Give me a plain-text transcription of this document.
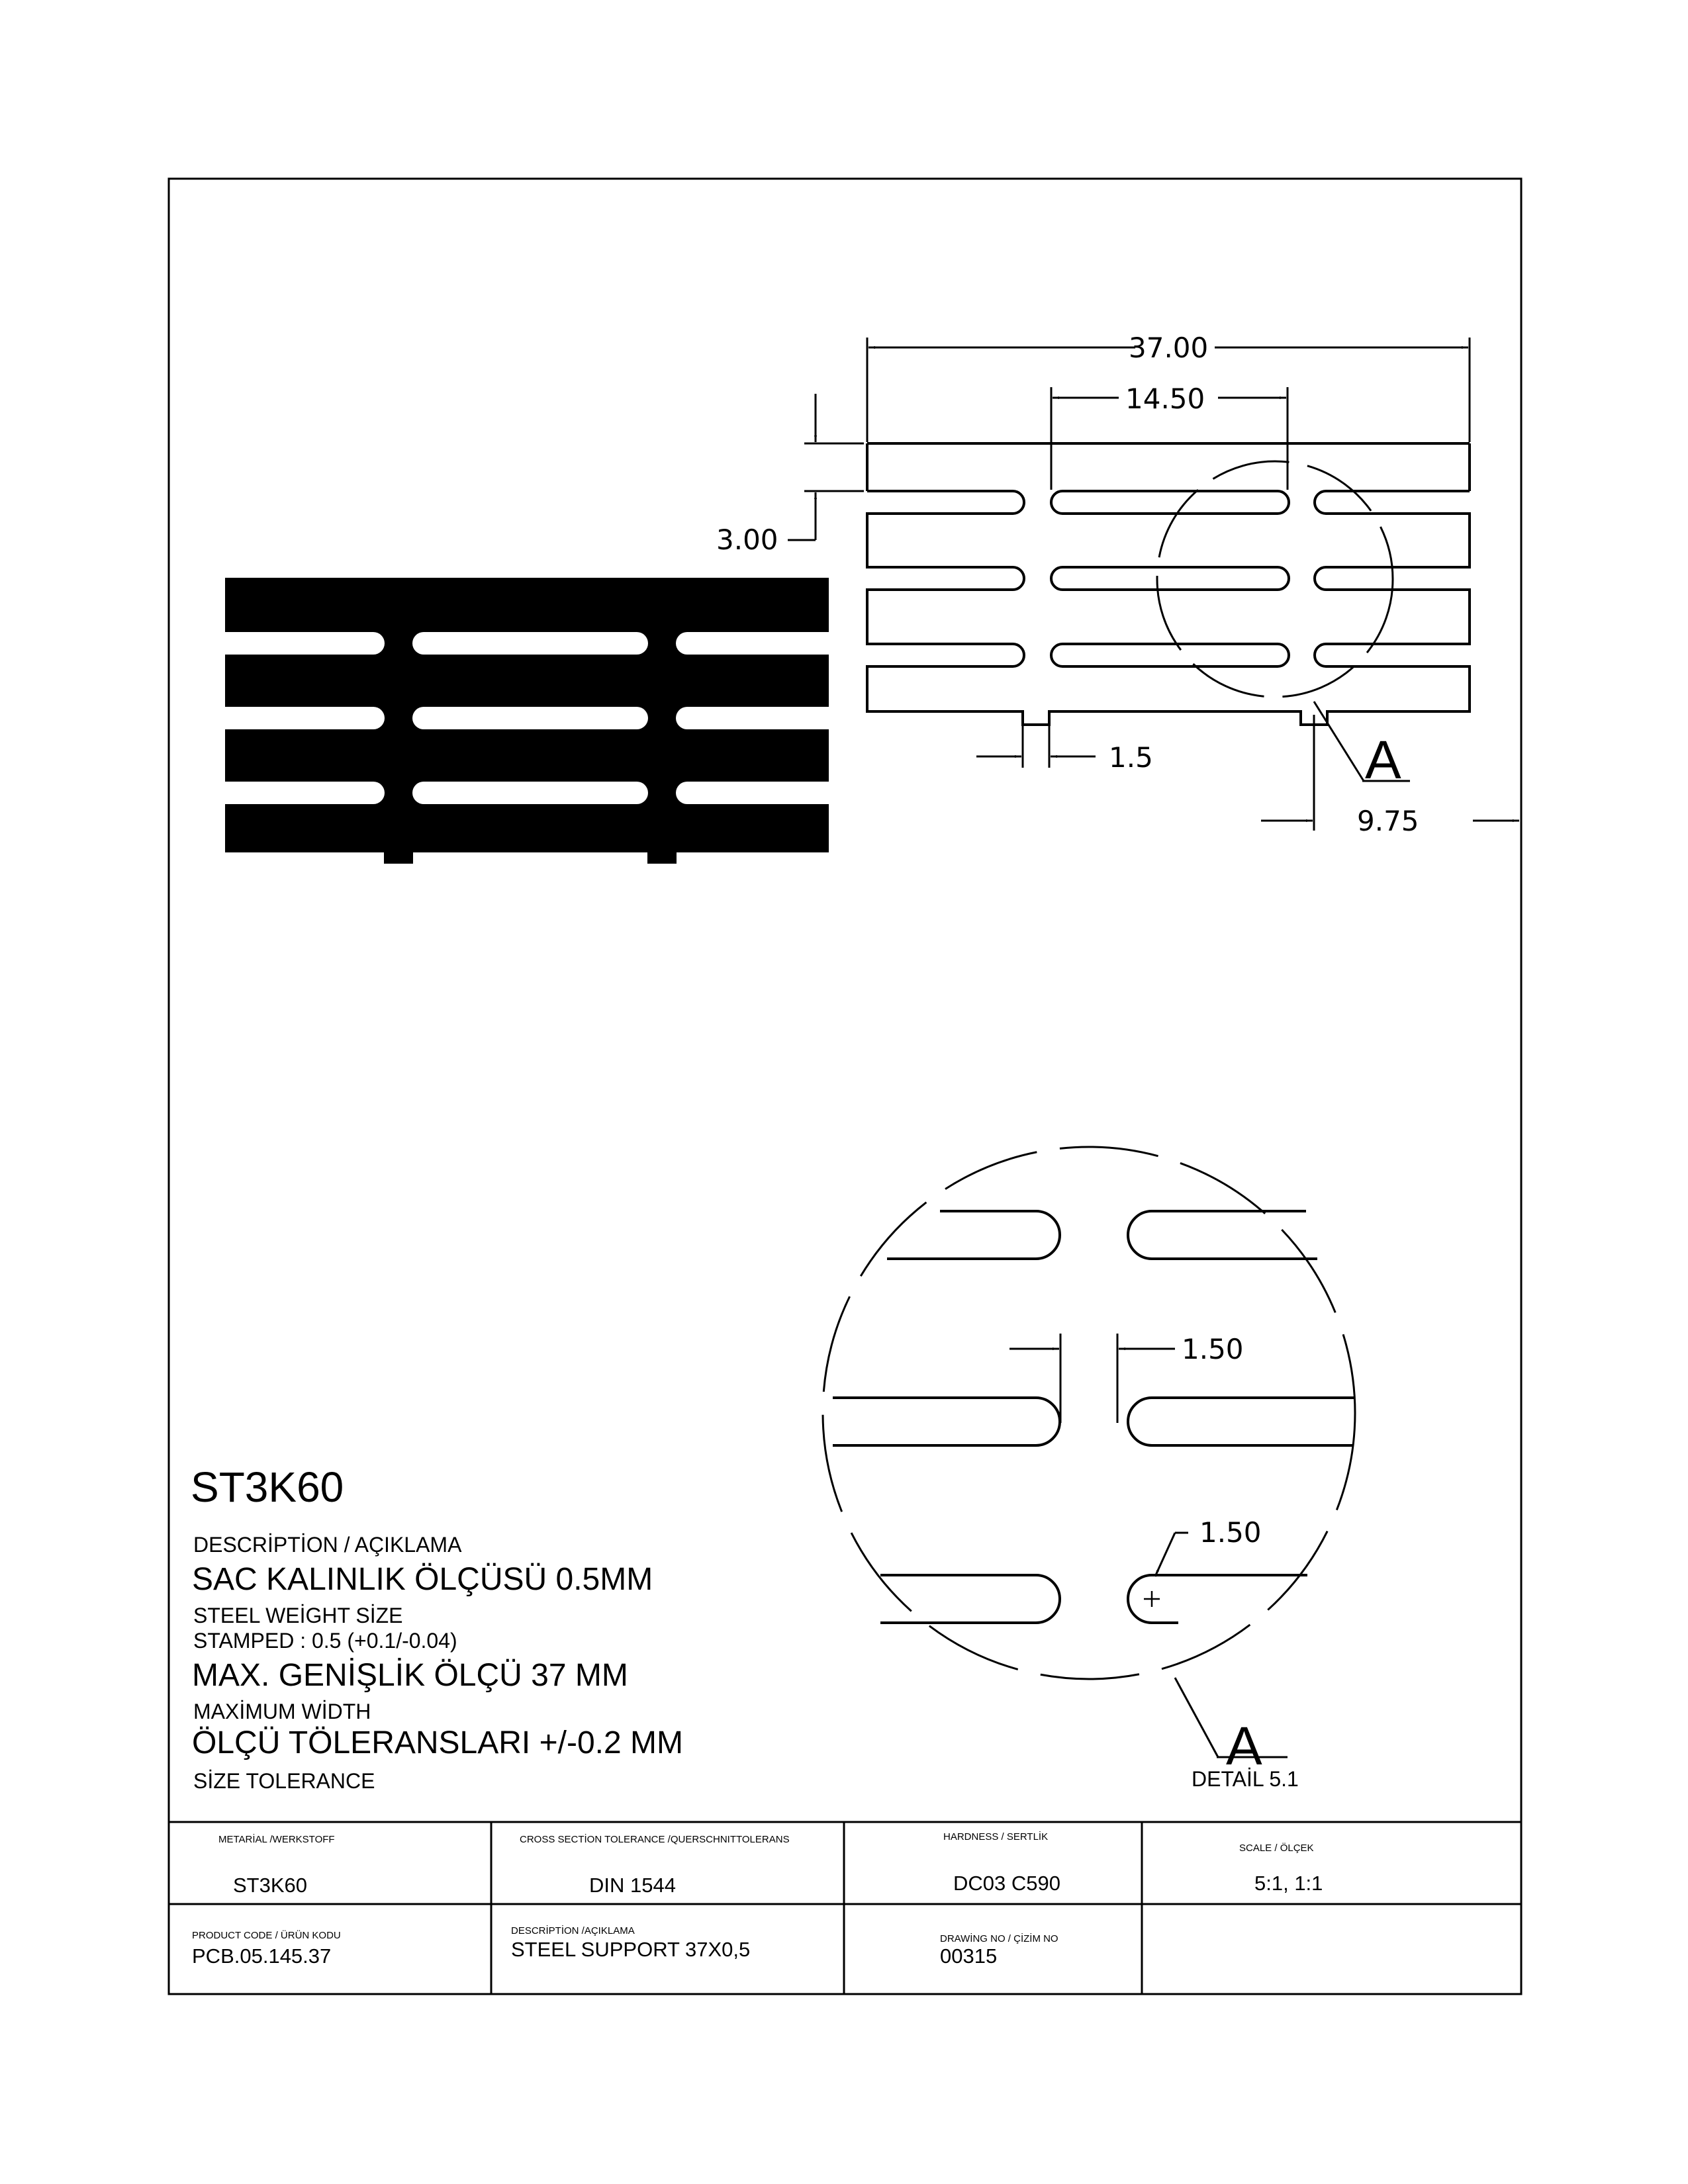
37.00
14.50
3.00
1.5	A
9.75
1.50
1.50
A
DETAİL 5.1
ST3K60
DESCRİPTİON / AÇIKLAMA
SAC KALINLIK ÖLÇÜSÜ 0.5MM
STEEL WEİGHT SİZE
STAMPED : 0.5 (+0.1/-0.04)
MAX. GENİŞLİK ÖLÇÜ 37 MM
MAXİMUM WİDTH
ÖLÇÜ TÖLERANSLARI +/-0.2 MM
SİZE TOLERANCE
METARİAL /WERKSTOFF
ST3K60
CROSS SECTİON TOLERANCE /QUERSCHNITTOLERANS
DIN 1544
HARDNESS / SERTLİK
DC03 C590
SCALE / ÖLÇEK
5:1, 1:1
PRODUCT CODE / ÜRÜN KODU
PCB.05.145.37
DESCRİPTİON /AÇIKLAMA
STEEL SUPPORT 37X0,5	DRAWİNG NO / ÇİZİM NO
00315
